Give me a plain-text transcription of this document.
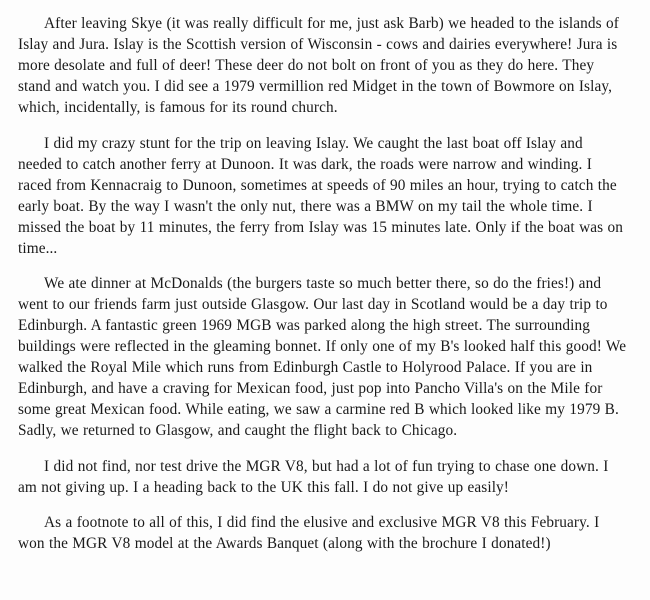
After leaving Skye (it was really difficult for me, just ask Barb) we headed to the islands of Islay and Jura. Islay is the Scottish version of Wisconsin - cows and dairies everywhere! Jura is more desolate and full of deer! These deer do not bolt on front of you as they do here. They stand and watch you. I did see a 1979 vermillion red Midget in the town of Bowmore on Islay, which, incidentally, is famous for its round church.

I did my crazy stunt for the trip on leaving Islay. We caught the last boat off Islay and needed to catch another ferry at Dunoon. It was dark, the roads were narrow and winding. I raced from Kennacraig to Dunoon, sometimes at speeds of 90 miles an hour, trying to catch the early boat. By the way I wasn't the only nut, there was a BMW on my tail the whole time. I missed the boat by 11 minutes, the ferry from Islay was 15 minutes late. Only if the boat was on time...

We ate dinner at McDonalds (the burgers taste so much better there, so do the fries!) and went to our friends farm just outside Glasgow. Our last day in Scotland would be a day trip to Edinburgh. A fantastic green 1969 MGB was parked along the high street. The surrounding buildings were reflected in the gleaming bonnet. If only one of my B's looked half this good! We walked the Royal Mile which runs from Edinburgh Castle to Holyrood Palace. If you are in Edinburgh, and have a craving for Mexican food, just pop into Pancho Villa's on the Mile for some great Mexican food. While eating, we saw a carmine red B which looked like my 1979 B. Sadly, we returned to Glasgow, and caught the flight back to Chicago.

I did not find, nor test drive the MGR V8, but had a lot of fun trying to chase one down. I am not giving up. I a heading back to the UK this fall. I do not give up easily!

As a footnote to all of this, I did find the elusive and exclusive MGR V8 this February. I won the MGR V8 model at the Awards Banquet (along with the brochure I donated!)
